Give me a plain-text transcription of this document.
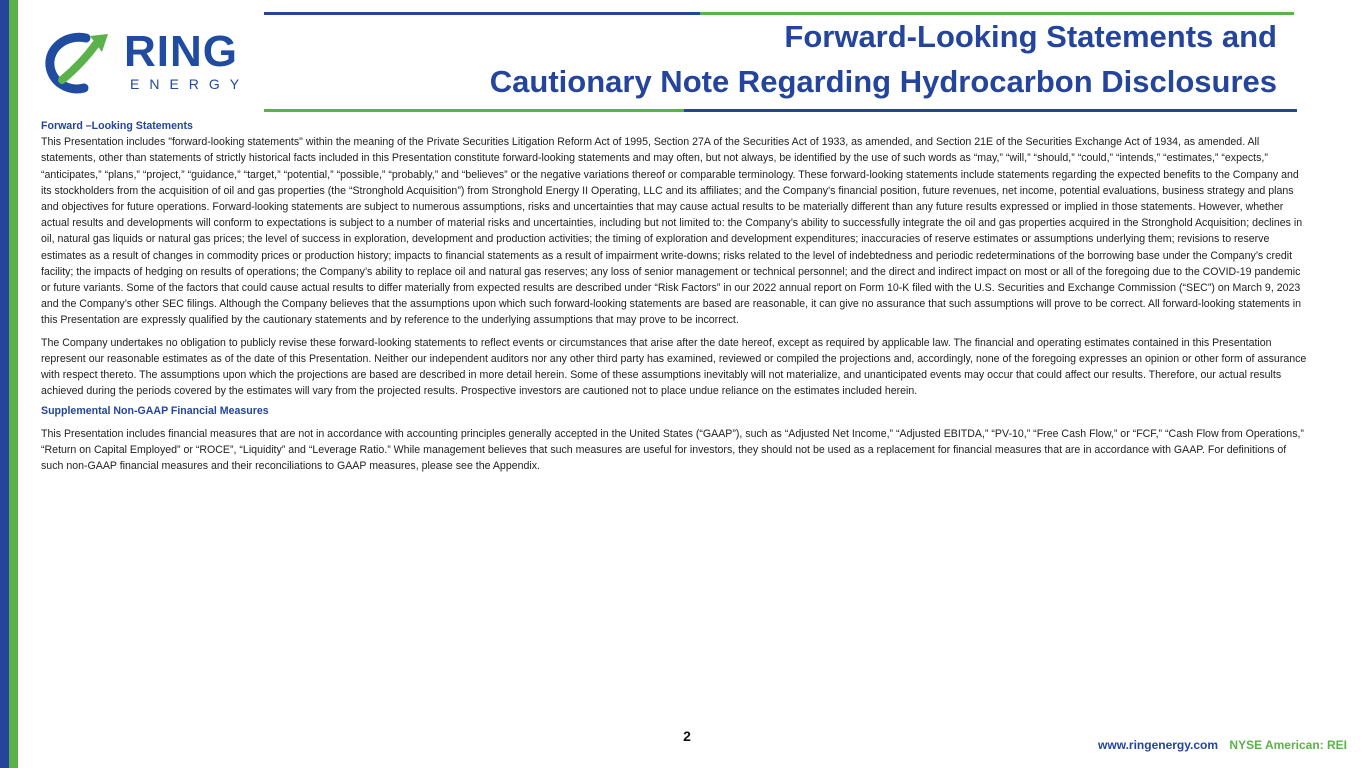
RING
ENERGY
Forward-Looking Statements and
Cautionary Note Regarding Hydrocarbon Disclosures
Forward –Looking Statements

This Presentation includes "forward-looking statements" within the meaning of the Private Securities Litigation Reform Act of 1995, Section 27A of the Securities Act of 1933, as amended, and Section 21E of the Securities Exchange Act of 1934, as amended. All statements, other than statements of strictly historical facts included in this Presentation constitute forward-looking statements and may often, but not always, be identified by the use of such words as “may,” “will,” “should,” “could,” “intends,” “estimates,” “expects,” “anticipates,” “plans,” “project,” “guidance,” “target,” “potential,” “possible,” “probably,” and “believes” or the negative variations thereof or comparable terminology. These forward-looking statements include statements regarding the expected benefits to the Company and its stockholders from the acquisition of oil and gas properties (the “Stronghold Acquisition”) from Stronghold Energy II Operating, LLC and its affiliates; and the Company's financial position, future revenues, net income, potential evaluations, business strategy and plans and objectives for future operations. Forward-looking statements are subject to numerous assumptions, risks and uncertainties that may cause actual results to be materially different than any future results expressed or implied in those statements. However, whether actual results and developments will conform to expectations is subject to a number of material risks and uncertainties, including but not limited to: the Company’s ability to successfully integrate the oil and gas properties acquired in the Stronghold Acquisition; declines in oil, natural gas liquids or natural gas prices; the level of success in exploration, development and production activities; the timing of exploration and development expenditures; inaccuracies of reserve estimates or assumptions underlying them; revisions to reserve estimates as a result of changes in commodity prices or production history; impacts to financial statements as a result of impairment write-downs; risks related to the level of indebtedness and periodic redeterminations of the borrowing base under the Company’s credit facility; the impacts of hedging on results of operations; the Company’s ability to replace oil and natural gas reserves; any loss of senior management or technical personnel; and the direct and indirect impact on most or all of the foregoing due to the COVID-19 pandemic or future variants. Some of the factors that could cause actual results to differ materially from expected results are described under “Risk Factors” in our 2022 annual report on Form 10-K filed with the U.S. Securities and Exchange Commission (“SEC”) on March 9, 2023 and the Company’s other SEC filings. Although the Company believes that the assumptions upon which such forward-looking statements are based are reasonable, it can give no assurance that such assumptions will prove to be correct. All forward-looking statements in this Presentation are expressly qualified by the cautionary statements and by reference to the underlying assumptions that may prove to be incorrect.

The Company undertakes no obligation to publicly revise these forward-looking statements to reflect events or circumstances that arise after the date hereof, except as required by applicable law. The financial and operating estimates contained in this Presentation represent our reasonable estimates as of the date of this Presentation. Neither our independent auditors nor any other third party has examined, reviewed or compiled the projections and, accordingly, none of the foregoing expresses an opinion or other form of assurance with respect thereto. The assumptions upon which the projections are based are described in more detail herein. Some of these assumptions inevitably will not materialize, and unanticipated events may occur that could affect our results. Therefore, our actual results achieved during the periods covered by the estimates will vary from the projected results. Prospective investors are cautioned not to place undue reliance on the estimates included herein.

Supplemental Non-GAAP Financial Measures

This Presentation includes financial measures that are not in accordance with accounting principles generally accepted in the United States (“GAAP”), such as “Adjusted Net Income,” “Adjusted EBITDA,” “PV-10,” “Free Cash Flow,” or “FCF,” “Cash Flow from Operations,” “Return on Capital Employed” or “ROCE”, “Liquidity” and “Leverage Ratio.” While management believes that such measures are useful for investors, they should not be used as a replacement for financial measures that are in accordance with GAAP. For definitions of such non-GAAP financial measures and their reconciliations to GAAP measures, please see the Appendix.

2
www.ringenergy.com NYSE American: REI
